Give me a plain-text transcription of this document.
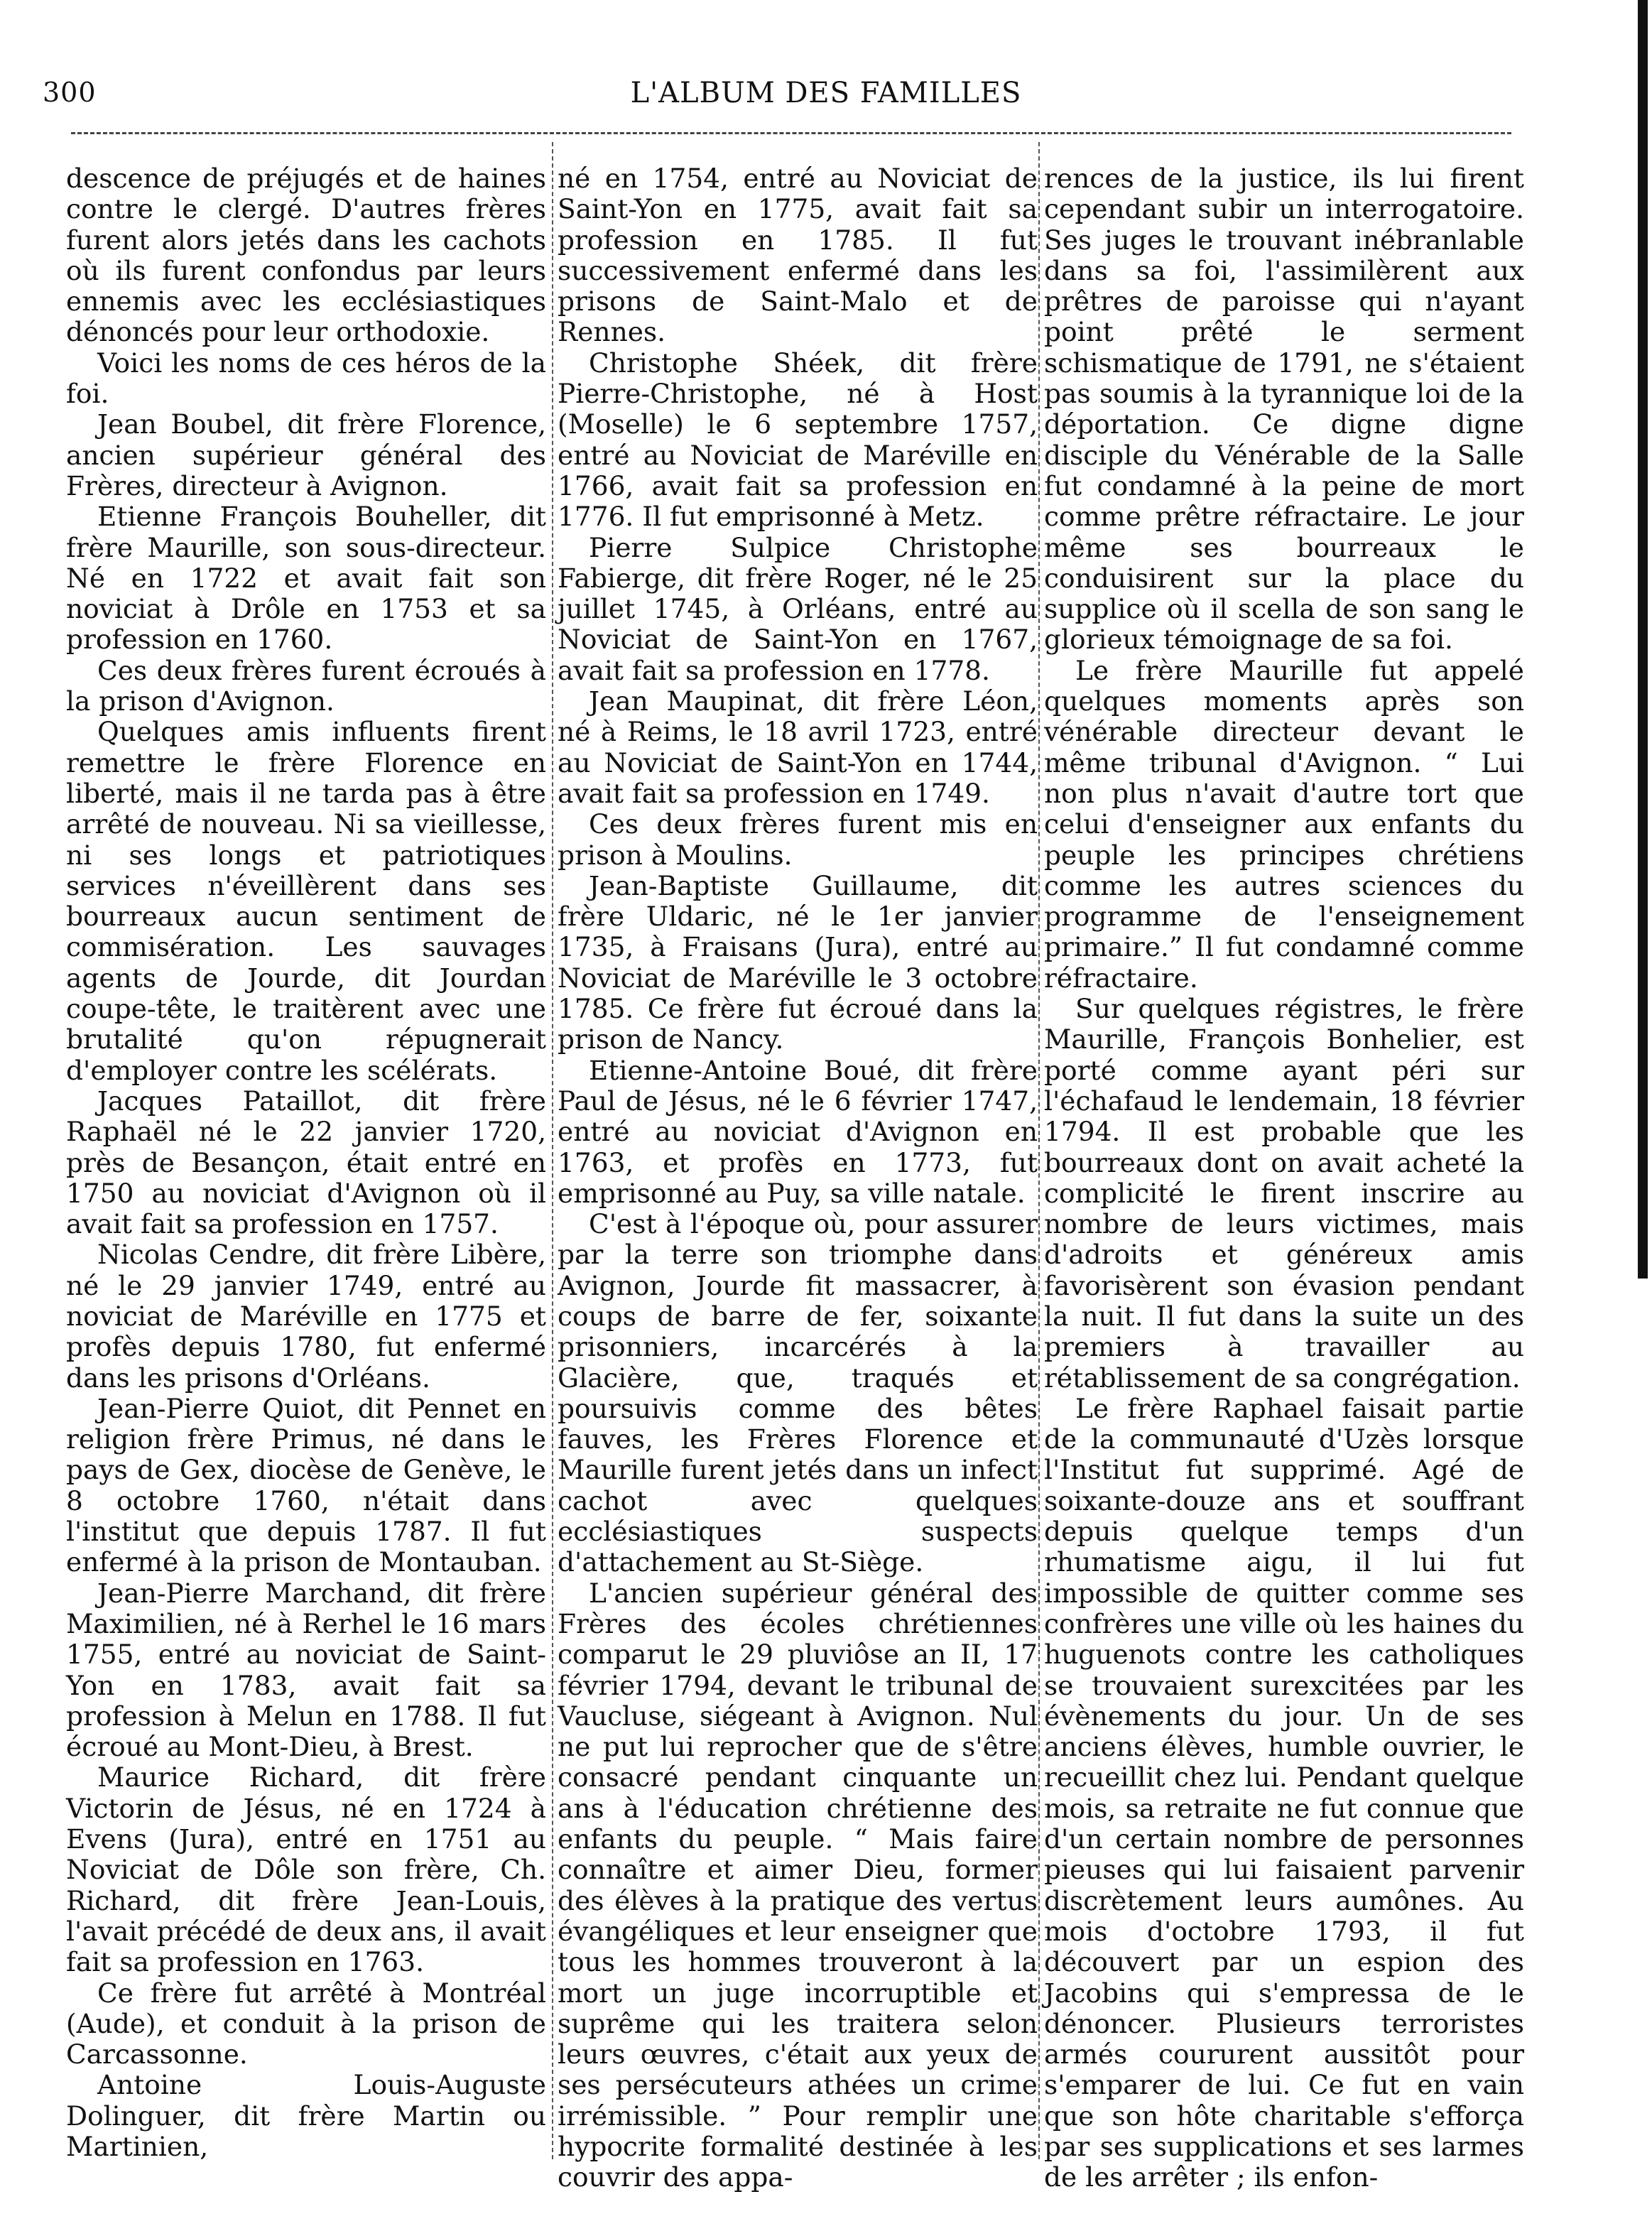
300	L'ALBUM DES FAMILLES

descence de préjugés et de haines contre le clergé. D'autres frères furent alors jetés dans les cachots où ils furent confondus par leurs ennemis avec les ecclésiastiques dénoncés pour leur orthodoxie.

Voici les noms de ces héros de la foi.

Jean Boubel, dit frère Florence, ancien supérieur général des Frères, directeur à Avignon.

Etienne François Bouheller, dit frère Maurille, son sous-directeur. Né en 1722 et avait fait son noviciat à Drôle en 1753 et sa profession en 1760.

Ces deux frères furent écroués à la prison d'Avignon.

Quelques amis influents firent remettre le frère Florence en liberté, mais il ne tarda pas à être arrêté de nouveau. Ni sa vieillesse, ni ses longs et patriotiques services n'éveillèrent dans ses bourreaux aucun sentiment de commisération. Les sauvages agents de Jourde, dit Jourdan coupe-tête, le traitèrent avec une brutalité qu'on répugnerait d'employer contre les scélérats.

Jacques Pataillot, dit frère Raphaël né le 22 janvier 1720, près de Besançon, était entré en 1750 au noviciat d'Avignon où il avait fait sa profession en 1757.

Nicolas Cendre, dit frère Libère, né le 29 janvier 1749, entré au noviciat de Maréville en 1775 et profès depuis 1780, fut enfermé dans les prisons d'Orléans.

Jean-Pierre Quiot, dit Pennet en religion frère Primus, né dans le pays de Gex, diocèse de Genève, le 8 octobre 1760, n'était dans l'institut que depuis 1787. Il fut enfermé à la prison de Montauban.

Jean-Pierre Marchand, dit frère Maximilien, né à Rerhel le 16 mars 1755, entré au noviciat de Saint-Yon en 1783, avait fait sa profession à Melun en 1788. Il fut écroué au Mont-Dieu, à Brest.

Maurice Richard, dit frère Victorin de Jésus, né en 1724 à Evens (Jura), entré en 1751 au Noviciat de Dôle son frère, Ch. Richard, dit frère Jean-Louis, l'avait précédé de deux ans, il avait fait sa profession en 1763.

Ce frère fut arrêté à Montréal (Aude), et conduit à la prison de Carcassonne.

Antoine Louis-Auguste Dolinguer, dit frère Martin ou Martinien,

né en 1754, entré au Noviciat de Saint-Yon en 1775, avait fait sa profession en 1785. Il fut successivement enfermé dans les prisons de Saint-Malo et de Rennes.

Christophe Shéek, dit frère Pierre-Christophe, né à Host (Moselle) le 6 septembre 1757, entré au Noviciat de Maréville en 1766, avait fait sa profession en 1776. Il fut emprisonné à Metz.

Pierre Sulpice Christophe Fabierge, dit frère Roger, né le 25 juillet 1745, à Orléans, entré au Noviciat de Saint-Yon en 1767, avait fait sa profession en 1778.

Jean Maupinat, dit frère Léon, né à Reims, le 18 avril 1723, entré au Noviciat de Saint-Yon en 1744, avait fait sa profession en 1749.

Ces deux frères furent mis en prison à Moulins.

Jean-Baptiste Guillaume, dit frère Uldaric, né le 1er janvier 1735, à Fraisans (Jura), entré au Noviciat de Maréville le 3 octobre 1785. Ce frère fut écroué dans la prison de Nancy.

Etienne-Antoine Boué, dit frère Paul de Jésus, né le 6 février 1747, entré au noviciat d'Avignon en 1763, et profès en 1773, fut emprisonné au Puy, sa ville natale.

C'est à l'époque où, pour assurer par la terre son triomphe dans Avignon, Jourde fit massacrer, à coups de barre de fer, soixante prisonniers, incarcérés à la Glacière, que, traqués et poursuivis comme des bêtes fauves, les Frères Florence et Maurille furent jetés dans un infect cachot avec quelques ecclésiastiques suspects d'attachement au St-Siège.

L'ancien supérieur général des Frères des écoles chrétiennes comparut le 29 pluviôse an II, 17 février 1794, devant le tribunal de Vaucluse, siégeant à Avignon. Nul ne put lui reprocher que de s'être consacré pendant cinquante un ans à l'éducation chrétienne des enfants du peuple. “ Mais faire connaître et aimer Dieu, former des élèves à la pratique des vertus évangéliques et leur enseigner que tous les hommes trouveront à la mort un juge incorruptible et suprême qui les traitera selon leurs œuvres, c'était aux yeux de ses persécuteurs athées un crime irrémissible. ” Pour remplir une hypocrite formalité destinée à les couvrir des appa-

rences de la justice, ils lui firent cependant subir un interrogatoire. Ses juges le trouvant inébranlable dans sa foi, l'assimilèrent aux prêtres de paroisse qui n'ayant point prêté le serment schismatique de 1791, ne s'étaient pas soumis à la tyrannique loi de la déportation. Ce digne digne disciple du Vénérable de la Salle fut condamné à la peine de mort comme prêtre réfractaire. Le jour même ses bourreaux le conduisirent sur la place du supplice où il scella de son sang le glorieux témoignage de sa foi.

Le frère Maurille fut appelé quelques moments après son vénérable directeur devant le même tribunal d'Avignon. “ Lui non plus n'avait d'autre tort que celui d'enseigner aux enfants du peuple les principes chrétiens comme les autres sciences du programme de l'enseignement primaire.” Il fut condamné comme réfractaire.

Sur quelques régistres, le frère Maurille, François Bonhelier, est porté comme ayant péri sur l'échafaud le lendemain, 18 février 1794. Il est probable que les bourreaux dont on avait acheté la complicité le firent inscrire au nombre de leurs victimes, mais d'adroits et généreux amis favorisèrent son évasion pendant la nuit. Il fut dans la suite un des premiers à travailler au rétablissement de sa congrégation.

Le frère Raphael faisait partie de la communauté d'Uzès lorsque l'Institut fut supprimé. Agé de soixante-douze ans et souffrant depuis quelque temps d'un rhumatisme aigu, il lui fut impossible de quitter comme ses confrères une ville où les haines du huguenots contre les catholiques se trouvaient surexcitées par les évènements du jour. Un de ses anciens élèves, humble ouvrier, le recueillit chez lui. Pendant quelque mois, sa retraite ne fut connue que d'un certain nombre de personnes pieuses qui lui faisaient parvenir discrètement leurs aumônes. Au mois d'octobre 1793, il fut découvert par un espion des Jacobins qui s'empressa de le dénoncer. Plusieurs terroristes armés coururent aussitôt pour s'emparer de lui. Ce fut en vain que son hôte charitable s'efforça par ses supplications et ses larmes de les arrêter ; ils enfon-
